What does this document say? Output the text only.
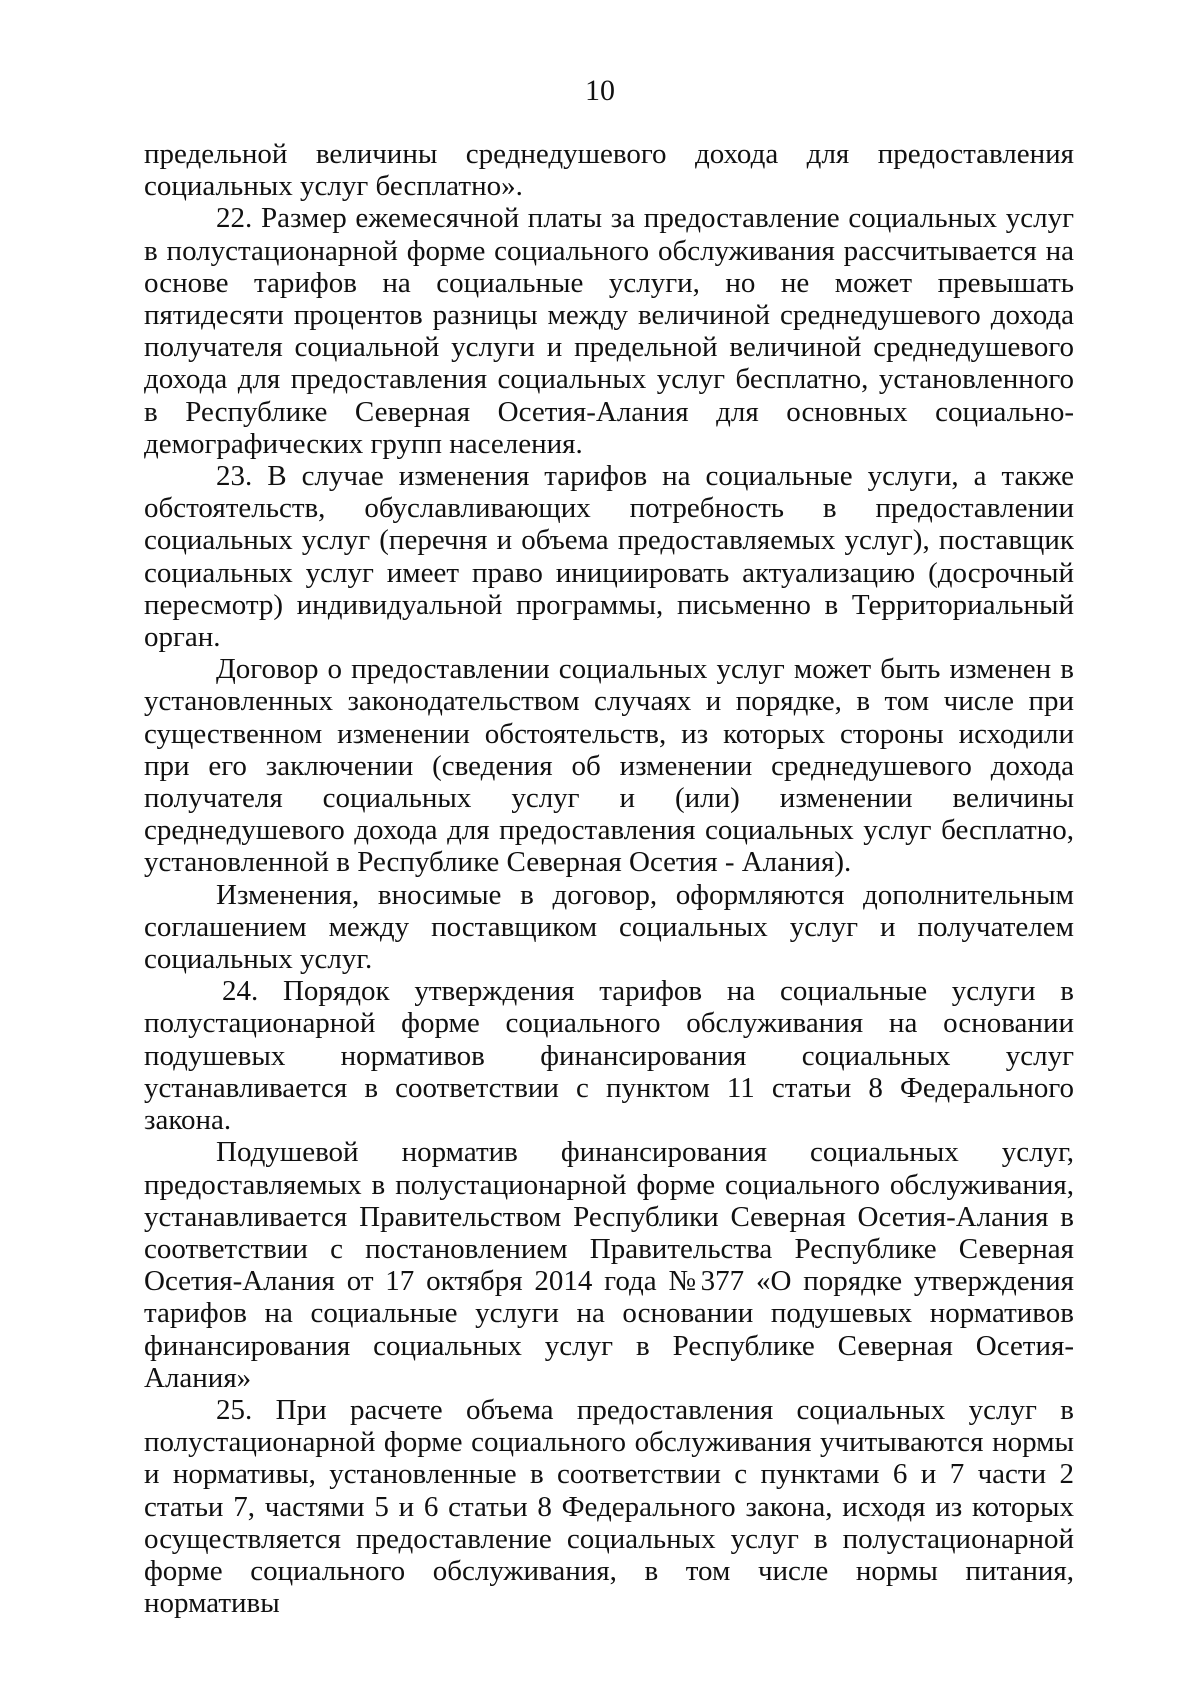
10

предельной величины среднедушевого дохода для предоставления социальных услуг бесплатно».

22. Размер ежемесячной платы за предоставление социальных услуг в полустационарной форме социального обслуживания рассчитывается на основе тарифов на социальные услуги, но не может превышать пятидесяти процентов разницы между величиной среднедушевого дохода получателя социальной услуги и предельной величиной среднедушевого дохода для предоставления социальных услуг бесплатно, установленного в Республике Северная Осетия-Алания для основных социально-демографических групп населения.

23. В случае изменения тарифов на социальные услуги, а также обстоятельств, обуславливающих потребность в предоставлении социальных услуг (перечня и объема предоставляемых услуг), поставщик социальных услуг имеет право инициировать актуализацию (досрочный пересмотр) индивидуальной программы, письменно в Территориальный орган.

Договор о предоставлении социальных услуг может быть изменен в установленных законодательством случаях и порядке, в том числе при существенном изменении обстоятельств, из которых стороны исходили при его заключении (сведения об изменении среднедушевого дохода получателя социальных услуг и (или) изменении величины среднедушевого дохода для предоставления социальных услуг бесплатно, установленной в Республике Северная Осетия - Алания).

Изменения, вносимые в договор, оформляются дополнительным соглашением между поставщиком социальных услуг и получателем социальных услуг.

24. Порядок утверждения тарифов на социальные услуги в полустационарной форме социального обслуживания на основании подушевых нормативов финансирования социальных услуг устанавливается в соответствии с пунктом 11 статьи 8 Федерального закона.

Подушевой норматив финансирования социальных услуг, предоставляемых в полустационарной форме социального обслуживания, устанавливается Правительством Республики Северная Осетия-Алания в соответствии с постановлением Правительства Республике Северная Осетия-Алания от 17 октября 2014 года №377 «О порядке утверждения тарифов на социальные услуги на основании подушевых нормативов финансирования социальных услуг в Республике Северная Осетия-Алания»

25. При расчете объема предоставления социальных услуг в полустационарной форме социального обслуживания учитываются нормы и нормативы, установленные в соответствии с пунктами 6 и 7 части 2 статьи 7, частями 5 и 6 статьи 8 Федерального закона, исходя из которых осуществляется предоставление социальных услуг в полустационарной форме социального обслуживания, в том числе нормы питания, нормативы
